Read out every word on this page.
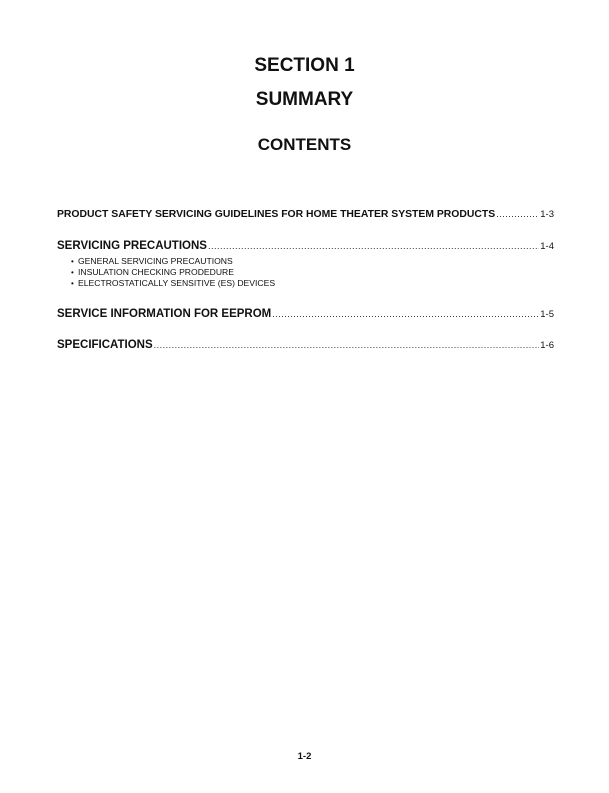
SECTION 1
SUMMARY
CONTENTS
PRODUCT SAFETY SERVICING GUIDELINES FOR HOME THEATER SYSTEM PRODUCTS .....	1-3
SERVICING PRECAUTIONS .....	1-4
• GENERAL SERVICING PRECAUTIONS
• INSULATION CHECKING PRODEDURE
• ELECTROSTATICALLY SENSITIVE (ES) DEVICES
SERVICE INFORMATION FOR EEPROM .....	1-5
SPECIFICATIONS .....	1-6
1-2
